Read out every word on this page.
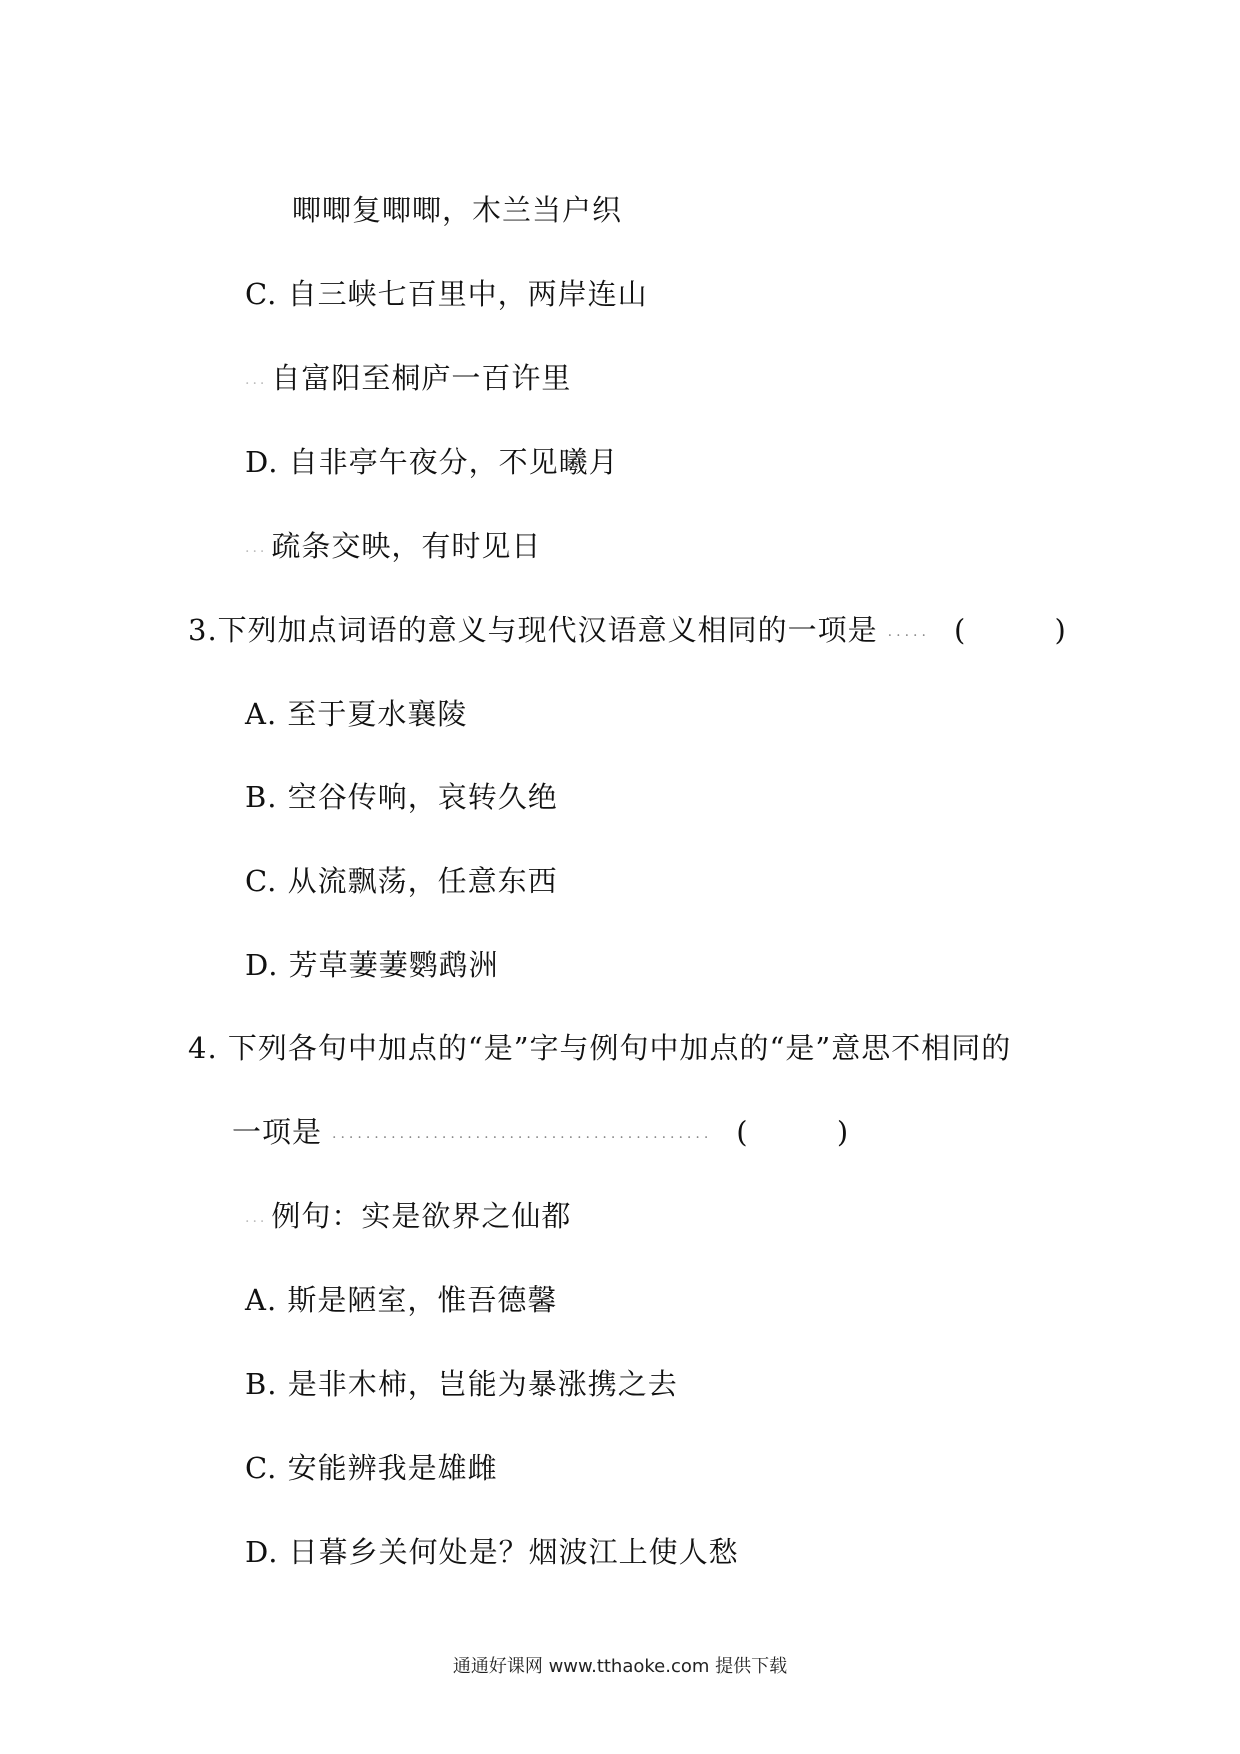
唧唧复唧唧，木兰当户织
C. 自三峡七百里中，两岸连山
... 自富阳至桐庐一百许里
D. 自非亭午夜分，不见曦月
... 疏条交映，有时见日
3.下列加点词语的意义与现代汉语意义相同的一项是 ..... ( )
A. 至于夏水襄陵
B. 空谷传响，哀转久绝
C. 从流飘荡，任意东西
D. 芳草萋萋鹦鹉洲
4. 下列各句中加点的“是”字与例句中加点的“是”意思不相同的
一项是 ............................................. ( )
... 例句：实是欲界之仙都
A. 斯是陋室，惟吾德馨
B. 是非木柿，岂能为暴涨携之去
C. 安能辨我是雄雌
D. 日暮乡关何处是？烟波江上使人愁
通通好课网 www.tthaoke.com 提供下载
